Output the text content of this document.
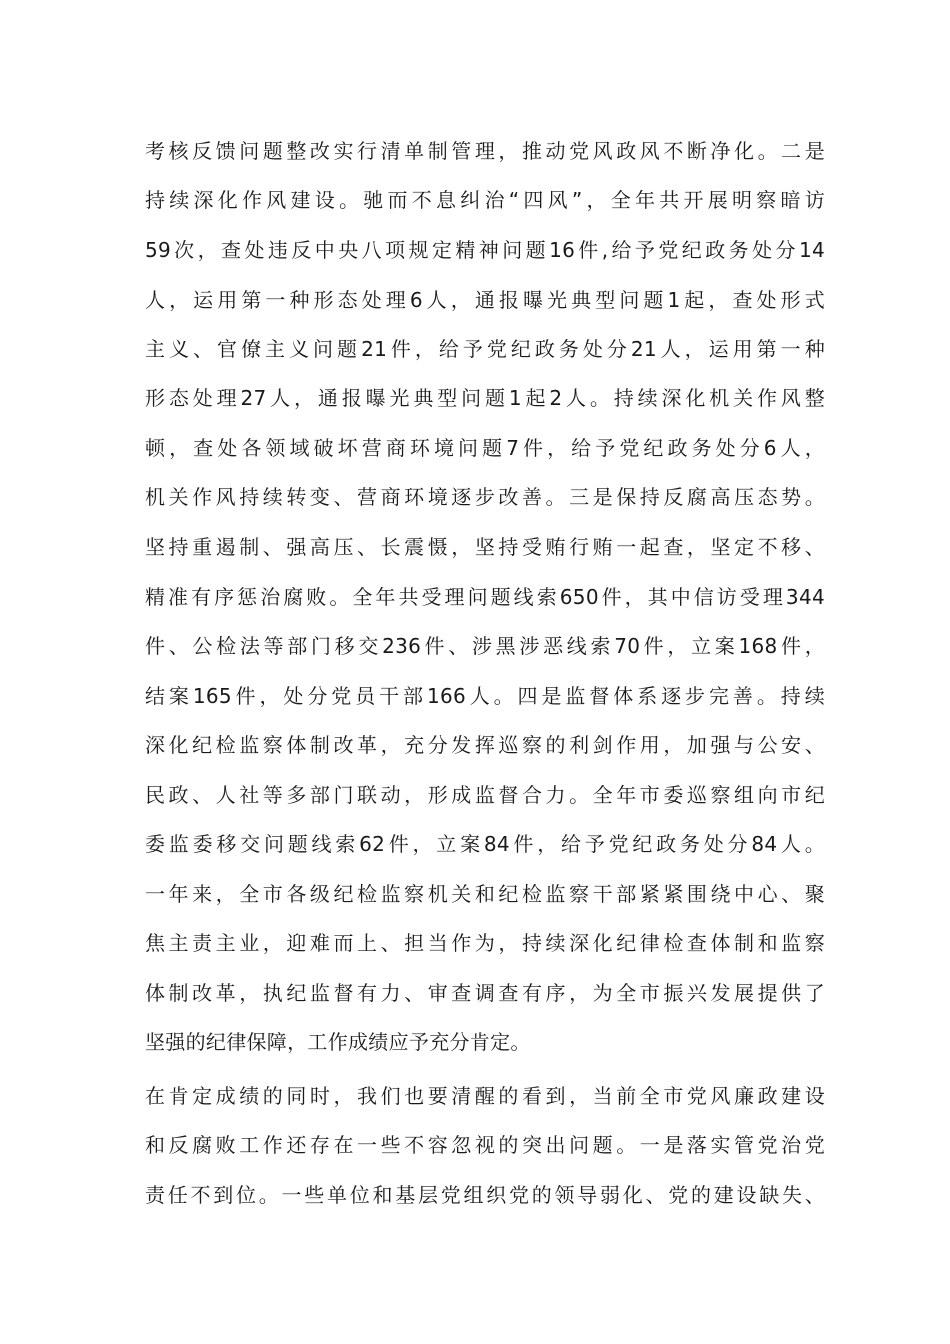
考核反馈问题整改实行清单制管理，推动党风政风不断净化。二是
持续深化作风建设。驰而不息纠治“四风”，全年共开展明察暗访
59次，查处违反中央八项规定精神问题16件,给予党纪政务处分14
人，运用第一种形态处理6人，通报曝光典型问题1起，查处形式
主义、官僚主义问题21件，给予党纪政务处分21人，运用第一种
形态处理27人，通报曝光典型问题1起2人。持续深化机关作风整
顿，查处各领域破坏营商环境问题7件，给予党纪政务处分6人，
机关作风持续转变、营商环境逐步改善。三是保持反腐高压态势。
坚持重遏制、强高压、长震慑，坚持受贿行贿一起查，坚定不移、
精准有序惩治腐败。全年共受理问题线索650件，其中信访受理344
件、公检法等部门移交236件、涉黑涉恶线索70件，立案168件，
结案165件，处分党员干部166人。四是监督体系逐步完善。持续
深化纪检监察体制改革，充分发挥巡察的利剑作用，加强与公安、
民政、人社等多部门联动，形成监督合力。全年市委巡察组向市纪
委监委移交问题线索62件，立案84件，给予党纪政务处分84人。
一年来，全市各级纪检监察机关和纪检监察干部紧紧围绕中心、聚
焦主责主业，迎难而上、担当作为，持续深化纪律检查体制和监察
体制改革，执纪监督有力、审查调查有序，为全市振兴发展提供了
坚强的纪律保障，工作成绩应予充分肯定。
在肯定成绩的同时，我们也要清醒的看到，当前全市党风廉政建设
和反腐败工作还存在一些不容忽视的突出问题。一是落实管党治党
责任不到位。一些单位和基层党组织党的领导弱化、党的建设缺失、
